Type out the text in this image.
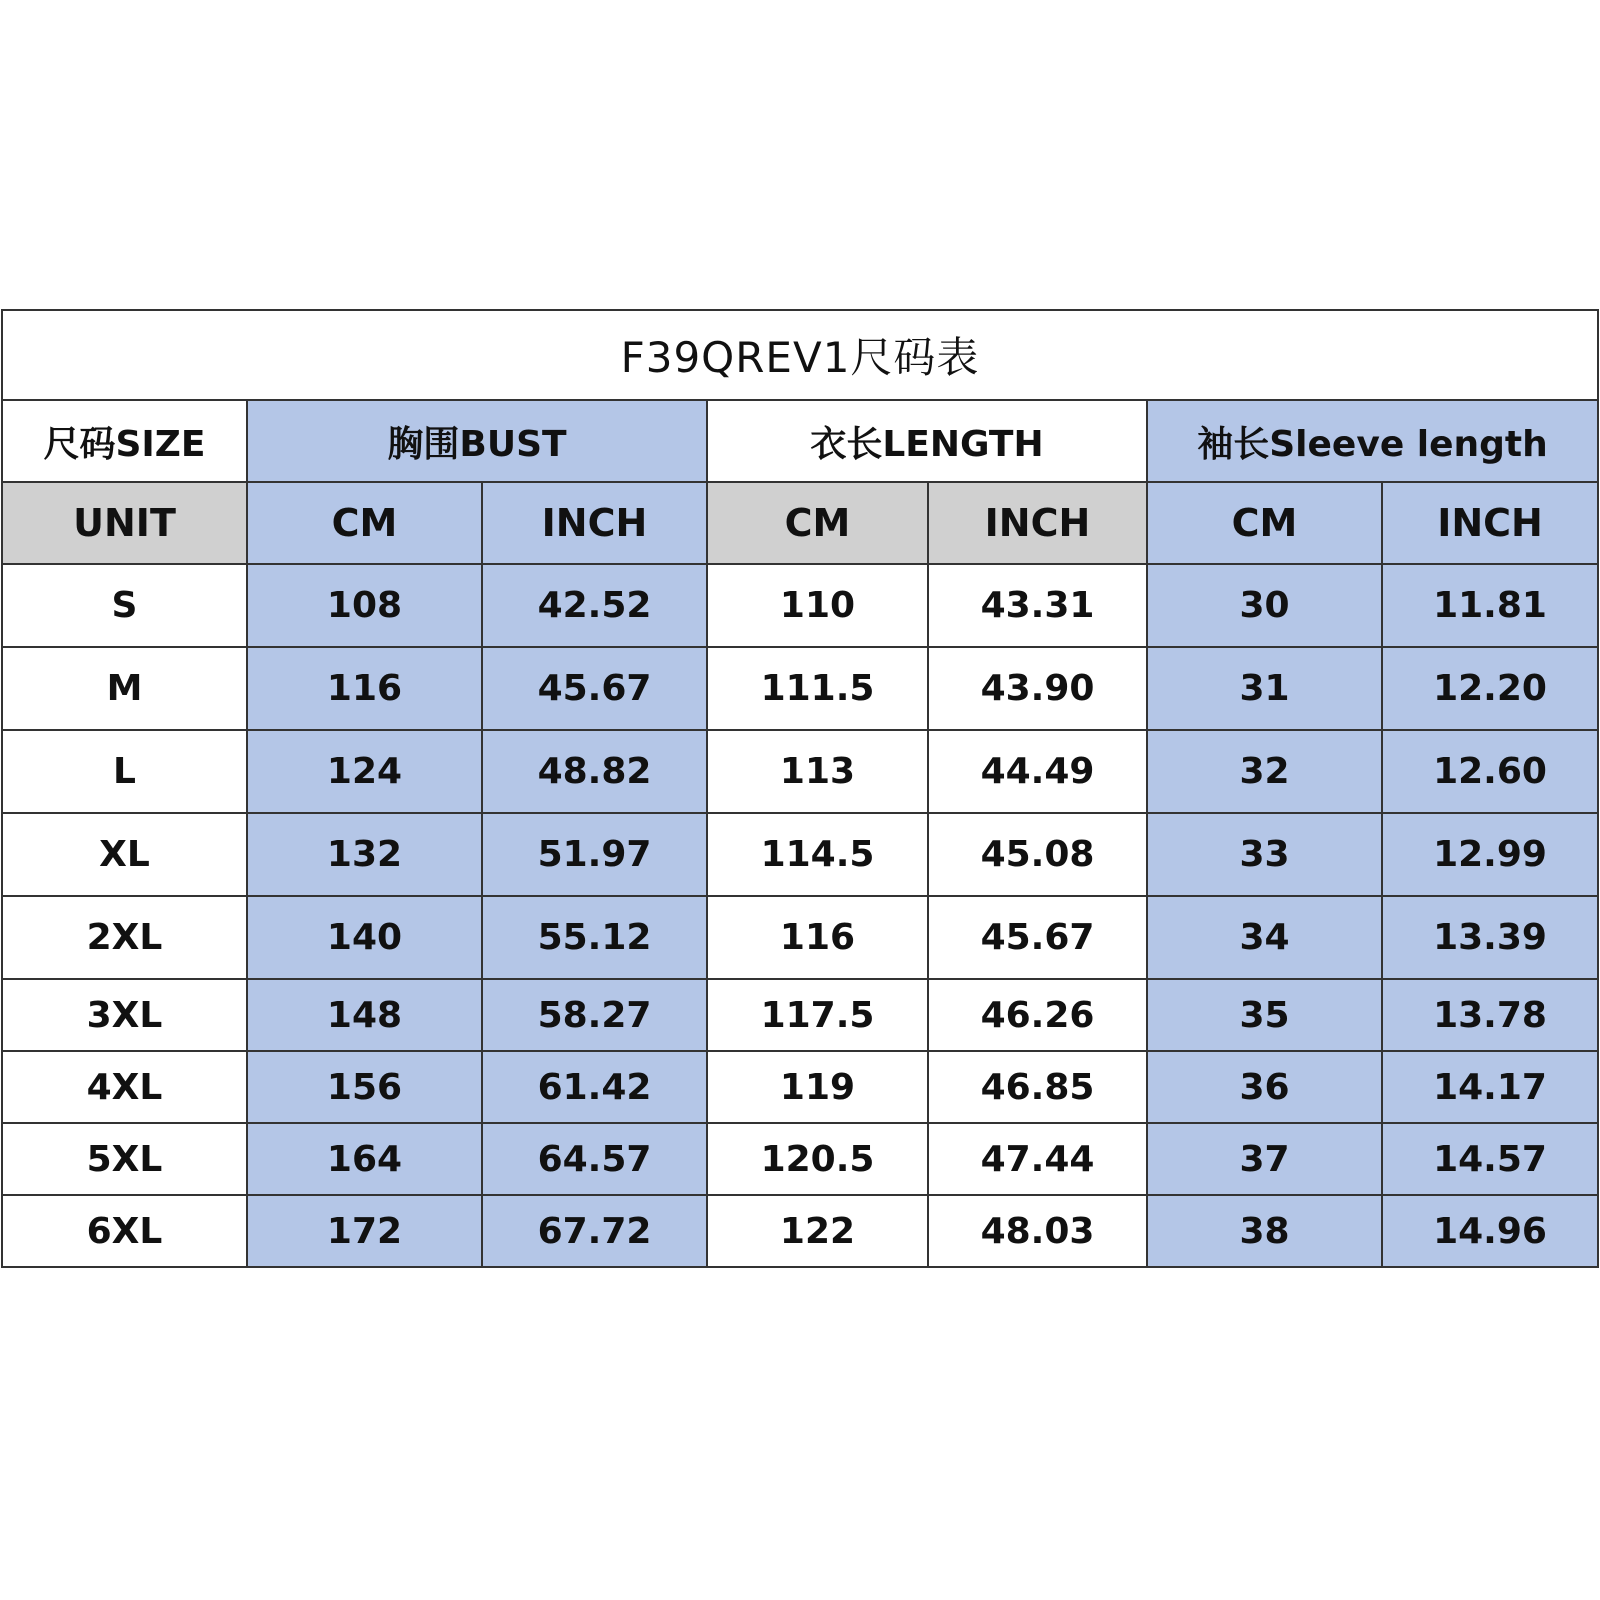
F39QREV1尺码表						
尺码SIZE	胸围BUST		衣长LENGTH		袖长Sleeve length	
UNIT	CM	INCH	CM	INCH	CM	INCH
S	108	42.52	110	43.31	30	11.81
M	116	45.67	111.5	43.90	31	12.20
L	124	48.82	113	44.49	32	12.60
XL	132	51.97	114.5	45.08	33	12.99
2XL	140	55.12	116	45.67	34	13.39
3XL	148	58.27	117.5	46.26	35	13.78
4XL	156	61.42	119	46.85	36	14.17
5XL	164	64.57	120.5	47.44	37	14.57
6XL	172	67.72	122	48.03	38	14.96
